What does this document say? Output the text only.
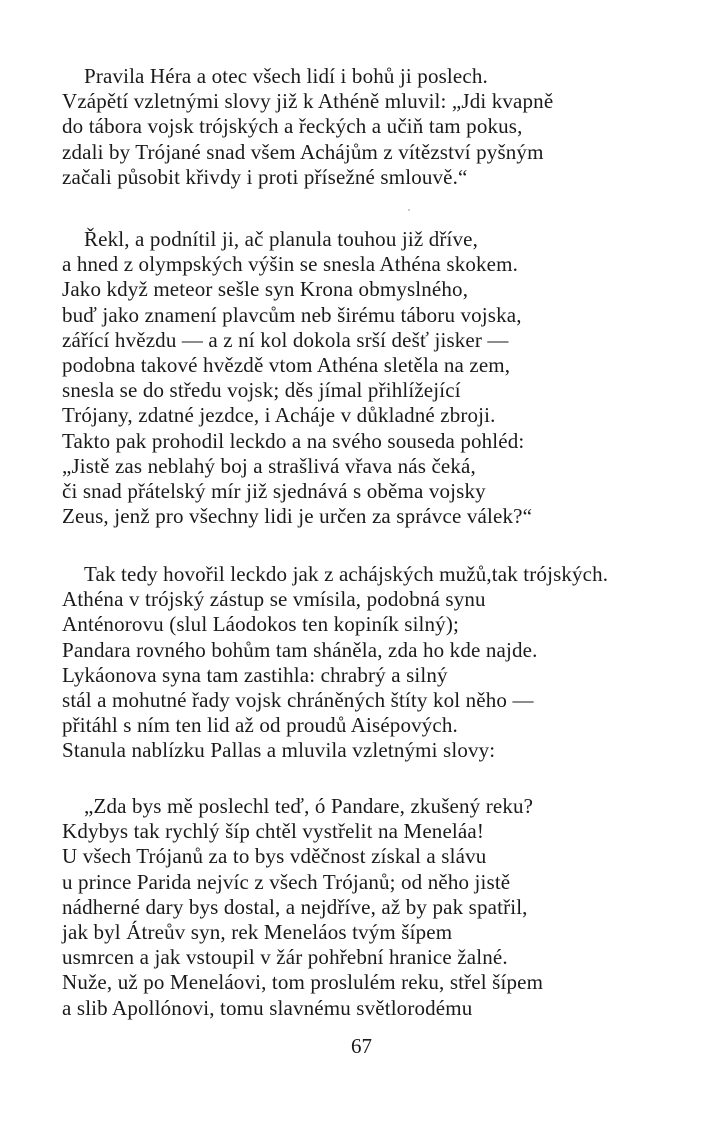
Pravila Héra a otec všech lidí i bohů ji poslech.
Vzápětí vzletnými slovy již k Athéně mluvil: „Jdi kvapně
do tábora vojsk trójských a řeckých a učiň tam pokus,
zdali by Trójané snad všem Achájům z vítězství pyšným
začali působit křivdy i proti přísežné smlouvě.“
Řekl, a podnítil ji, ač planula touhou již dříve,
a hned z olympských výšin se snesla Athéna skokem.
Jako když meteor sešle syn Krona obmyslného,
buď jako znamení plavcům neb širému táboru vojska,
zářící hvězdu — a z ní kol dokola srší dešť jisker —
podobna takové hvězdě vtom Athéna sletěla na zem,
snesla se do středu vojsk; děs jímal přihlížející
Trójany, zdatné jezdce, i Acháje v důkladné zbroji.
Takto pak prohodil leckdo a na svého souseda pohléd:
„Jistě zas neblahý boj a strašlivá vřava nás čeká,
či snad přátelský mír již sjednává s oběma vojsky
Zeus, jenž pro všechny lidi je určen za správce válek?“
Tak tedy hovořil leckdo jak z achájských mužů,tak trójských.
Athéna v trójský zástup se vmísila, podobná synu
Anténorovu (slul Láodokos ten kopiník silný);
Pandara rovného bohům tam sháněla, zda ho kde najde.
Lykáonova syna tam zastihla: chrabrý a silný
stál a mohutné řady vojsk chráněných štíty kol něho —
přitáhl s ním ten lid až od proudů Aisépových.
Stanula nablízku Pallas a mluvila vzletnými slovy:
„Zda bys mě poslechl teď, ó Pandare, zkušený reku?
Kdybys tak rychlý šíp chtěl vystřelit na Meneláa!
U všech Trójanů za to bys vděčnost získal a slávu
u prince Parida nejvíc z všech Trójanů; od něho jistě
nádherné dary bys dostal, a nejdříve, až by pak spatřil,
jak byl Átreův syn, rek Meneláos tvým šípem
usmrcen a jak vstoupil v žár pohřební hranice žalné.
Nuže, už po Meneláovi, tom proslulém reku, střel šípem
a slib Apollónovi, tomu slavnému světlorodému
67
